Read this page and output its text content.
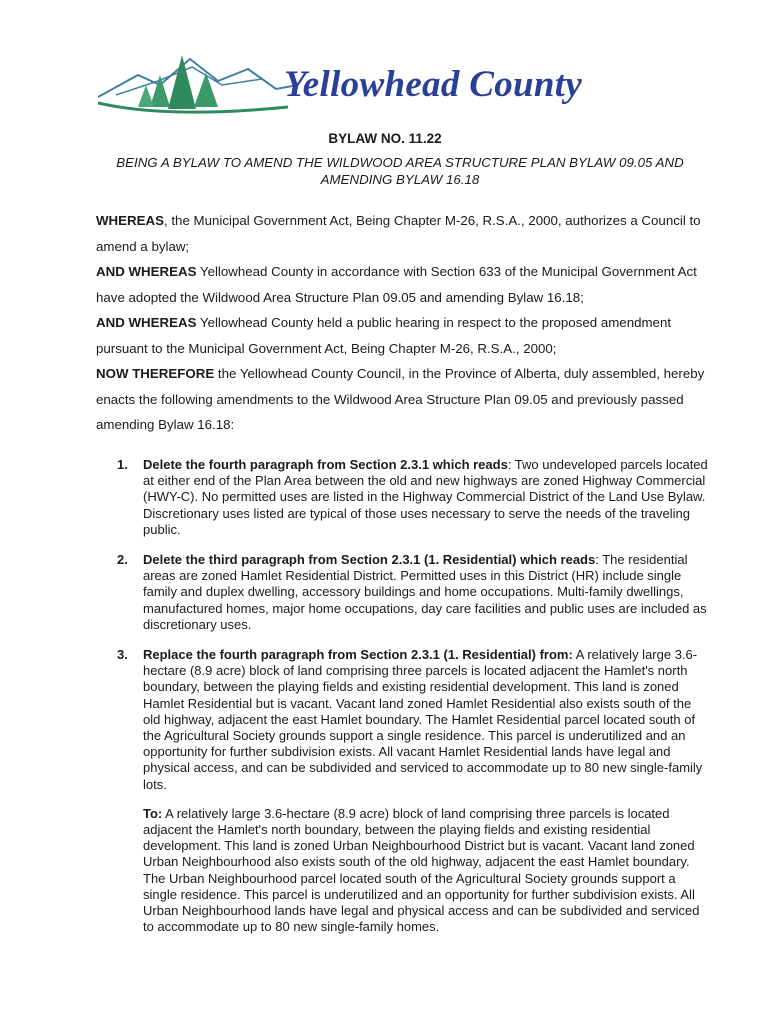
Yellowhead County
BYLAW NO. 11.22
BEING A BYLAW TO AMEND THE WILDWOOD AREA STRUCTURE PLAN BYLAW 09.05 AND AMENDING BYLAW 16.18

WHEREAS, the Municipal Government Act, Being Chapter M-26, R.S.A., 2000, authorizes a Council to amend a bylaw;

AND WHEREAS Yellowhead County in accordance with Section 633 of the Municipal Government Act have adopted the Wildwood Area Structure Plan 09.05 and amending Bylaw 16.18;

AND WHEREAS Yellowhead County held a public hearing in respect to the proposed amendment pursuant to the Municipal Government Act, Being Chapter M-26, R.S.A., 2000;

NOW THEREFORE the Yellowhead County Council, in the Province of Alberta, duly assembled, hereby enacts the following amendments to the Wildwood Area Structure Plan 09.05 and previously passed amending Bylaw 16.18:

1. Delete the fourth paragraph from Section 2.3.1 which reads: Two undeveloped parcels located at either end of the Plan Area between the old and new highways are zoned Highway Commercial (HWY-C). No permitted uses are listed in the Highway Commercial District of the Land Use Bylaw. Discretionary uses listed are typical of those uses necessary to serve the needs of the traveling public.
2. Delete the third paragraph from Section 2.3.1 (1. Residential) which reads: The residential areas are zoned Hamlet Residential District. Permitted uses in this District (HR) include single family and duplex dwelling, accessory buildings and home occupations. Multi-family dwellings, manufactured homes, major home occupations, day care facilities and public uses are included as discretionary uses.
3. Replace the fourth paragraph from Section 2.3.1 (1. Residential) from: A relatively large 3.6-hectare (8.9 acre) block of land comprising three parcels is located adjacent the Hamlet's north boundary, between the playing fields and existing residential development. This land is zoned Hamlet Residential but is vacant. Vacant land zoned Hamlet Residential also exists south of the old highway, adjacent the east Hamlet boundary. The Hamlet Residential parcel located south of the Agricultural Society grounds support a single residence. This parcel is underutilized and an opportunity for further subdivision exists. All vacant Hamlet Residential lands have legal and physical access, and can be subdivided and serviced to accommodate up to 80 new single-family lots.
To: A relatively large 3.6-hectare (8.9 acre) block of land comprising three parcels is located adjacent the Hamlet's north boundary, between the playing fields and existing residential development. This land is zoned Urban Neighbourhood District but is vacant. Vacant land zoned Urban Neighbourhood also exists south of the old highway, adjacent the east Hamlet boundary. The Urban Neighbourhood parcel located south of the Agricultural Society grounds support a single residence. This parcel is underutilized and an opportunity for further subdivision exists. All Urban Neighbourhood lands have legal and physical access and can be subdivided and serviced to accommodate up to 80 new single-family homes.
